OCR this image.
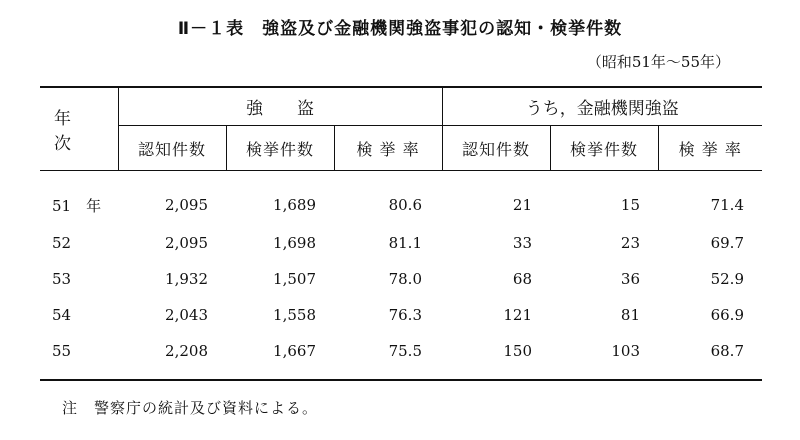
Ⅱ－１表　強盗及び金融機関強盗事犯の認知・検挙件数
（昭和51年～55年）
年　次	強　　盗			うち，金融機関強盗		
	認知件数	検挙件数	検 挙 率	認知件数	検挙件数	検 挙 率
51　年	2,095	1,689	80.6	21	15	71.4
52	2,095	1,698	81.1	33	23	69.7
53	1,932	1,507	78.0	68	36	52.9
54	2,043	1,558	76.3	121	81	66.9
55	2,208	1,667	75.5	150	103	68.7

注　警察庁の統計及び資料による。
